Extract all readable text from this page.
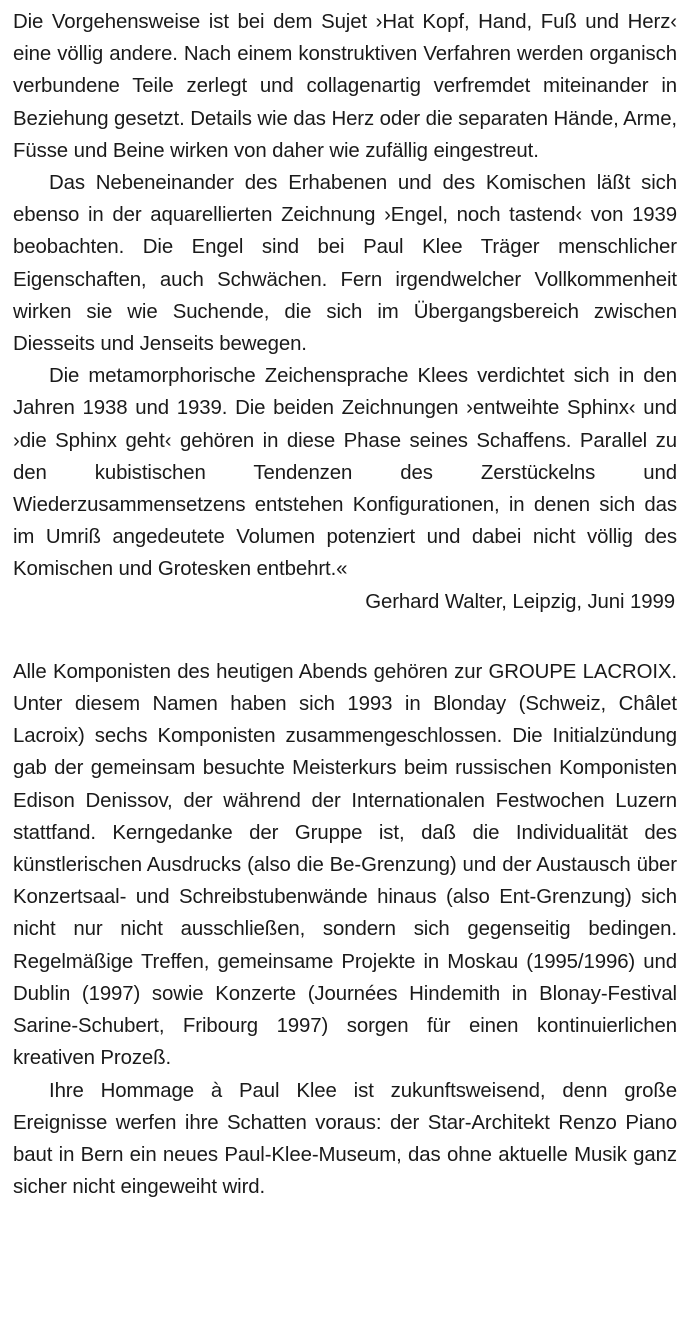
Die Vorgehensweise ist bei dem Sujet ›Hat Kopf, Hand, Fuß und Herz‹ eine völlig andere. Nach einem konstruktiven Verfahren werden organisch verbundene Teile zerlegt und collagenartig verfremdet miteinander in Beziehung gesetzt. Details wie das Herz oder die separaten Hände, Arme, Füsse und Beine wirken von daher wie zufällig eingestreut.

Das Nebeneinander des Erhabenen und des Komischen läßt sich ebenso in der aquarellierten Zeichnung ›Engel, noch tastend‹ von 1939 beobachten. Die Engel sind bei Paul Klee Träger menschlicher Eigenschaften, auch Schwächen. Fern irgendwelcher Vollkommenheit wirken sie wie Suchende, die sich im Übergangsbereich zwischen Diesseits und Jenseits bewegen.

Die metamorphorische Zeichensprache Klees verdichtet sich in den Jahren 1938 und 1939. Die beiden Zeichnungen ›entweihte Sphinx‹ und ›die Sphinx geht‹ gehören in diese Phase seines Schaffens. Parallel zu den kubistischen Tendenzen des Zerstückelns und Wiederzusammensetzens entstehen Konfigurationen, in denen sich das im Umriß angedeutete Volumen potenziert und dabei nicht völlig des Komischen und Grotesken entbehrt.«

Gerhard Walter, Leipzig, Juni 1999

Alle Komponisten des heutigen Abends gehören zur GROUPE LACROIX. Unter diesem Namen haben sich 1993 in Blonday (Schweiz, Châlet Lacroix) sechs Komponisten zusammengeschlossen. Die Initialzündung gab der gemeinsam besuchte Meisterkurs beim russischen Komponisten Edison Denissov, der während der Internationalen Festwochen Luzern stattfand. Kerngedanke der Gruppe ist, daß die Individualität des künstlerischen Ausdrucks (also die Be-Grenzung) und der Austausch über Konzertsaal- und Schreibstubenwände hinaus (also Ent-Grenzung) sich nicht nur nicht ausschließen, sondern sich gegenseitig bedingen. Regelmäßige Treffen, gemeinsame Projekte in Moskau (1995/1996) und Dublin (1997) sowie Konzerte (Journées Hindemith in Blonay-Festival Sarine-Schubert, Fribourg 1997) sorgen für einen kontinuierlichen kreativen Prozeß.

Ihre Hommage à Paul Klee ist zukunftsweisend, denn große Ereignisse werfen ihre Schatten voraus: der Star-Architekt Renzo Piano baut in Bern ein neues Paul-Klee-Museum, das ohne aktuelle Musik ganz sicher nicht eingeweiht wird.
